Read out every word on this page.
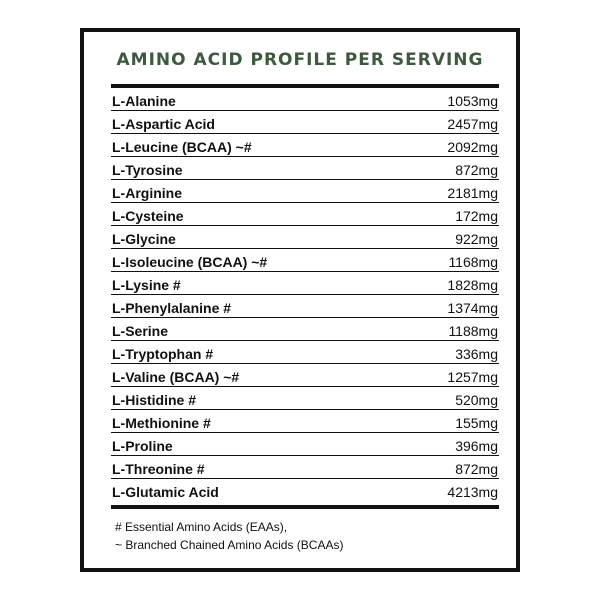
AMINO ACID PROFILE PER SERVING
L-Alanine	1053mg
L-Aspartic Acid	2457mg
L-Leucine (BCAA) ~#	2092mg
L-Tyrosine	872mg
L-Arginine	2181mg
L-Cysteine	172mg
L-Glycine	922mg
L-Isoleucine (BCAA) ~#	1168mg
L-Lysine #	1828mg
L-Phenylalanine #	1374mg
L-Serine	1188mg
L-Tryptophan #	336mg
L-Valine (BCAA) ~#	1257mg
L-Histidine #	520mg
L-Methionine #	155mg
L-Proline	396mg
L-Threonine #	872mg
L-Glutamic Acid	4213mg
# Essential Amino Acids (EAAs),
~ Branched Chained Amino Acids (BCAAs)
